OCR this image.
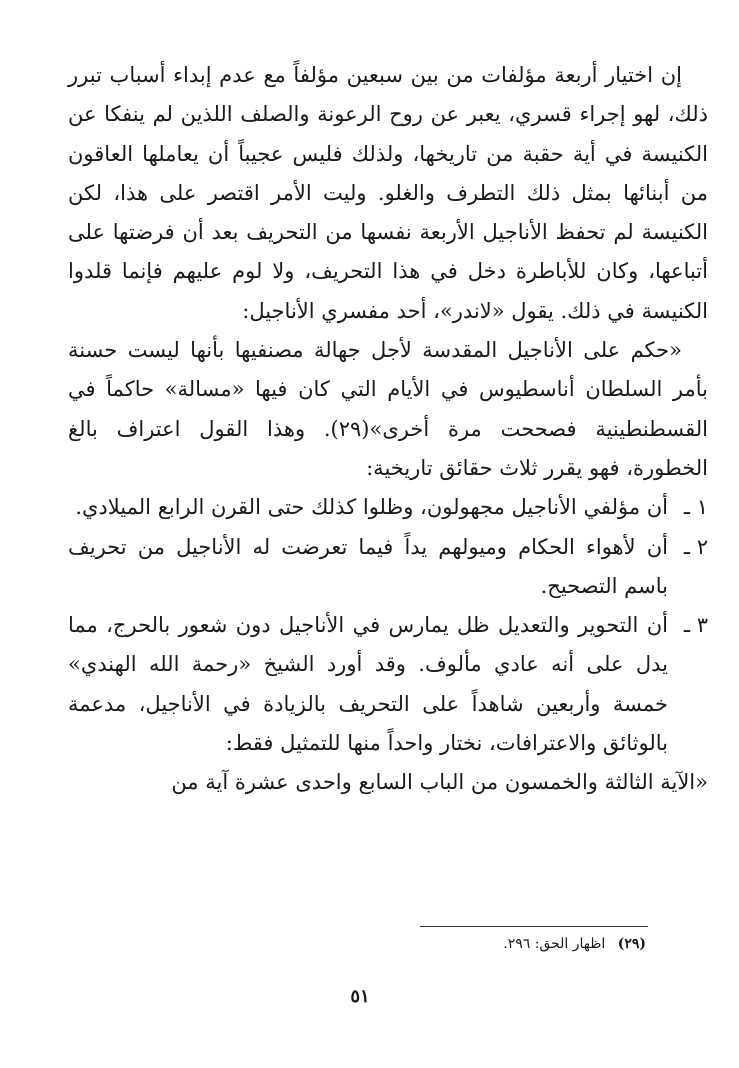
إن اختيار أربعة مؤلفات من بين سبعين مؤلفاً مع عدم إبداء أسباب تبرر ذلك، لهو إجراء قسري، يعبر عن روح الرعونة والصلف اللذين لم ينفكا عن الكنيسة في أية حقبة من تاريخها، ولذلك فليس عجيباً أن يعاملها العاقون من أبنائها بمثل ذلك التطرف والغلو. وليت الأمر اقتصر على هذا، لكن الكنيسة لم تحفظ الأناجيل الأربعة نفسها من التحريف بعد أن فرضتها على أتباعها، وكان للأباطرة دخل في هذا التحريف، ولا لوم عليهم فإنما قلدوا الكنيسة في ذلك. يقول «لاندر»، أحد مفسري الأناجيل:

«حكم على الأناجيل المقدسة لأجل جهالة مصنفيها بأنها ليست حسنة بأمر السلطان أناسطيوس في الأيام التي كان فيها «مسالة» حاكماً في القسطنطينية فصححت مرة أخرى»(٢٩). وهذا القول اعتراف بالغ الخطورة، فهو يقرر ثلاث حقائق تاريخية:

١ ـ
أن مؤلفي الأناجيل مجهولون، وظلوا كذلك حتى القرن الرابع الميلادي.
٢ ـ
أن لأهواء الحكام وميولهم يداً فيما تعرضت له الأناجيل من تحريف باسم التصحيح.
٣ ـ
أن التحوير والتعديل ظل يمارس في الأناجيل دون شعور بالحرج، مما يدل على أنه عادي مألوف. وقد أورد الشيخ «رحمة الله الهندي» خمسة وأربعين شاهداً على التحريف بالزيادة في الأناجيل، مدعمة بالوثائق والاعترافات، نختار واحداً منها للتمثيل فقط:

«الآية الثالثة والخمسون من الباب السابع واحدى عشرة آية من

(٢٩) اظهار الحق: ٢٩٦.
٥١
